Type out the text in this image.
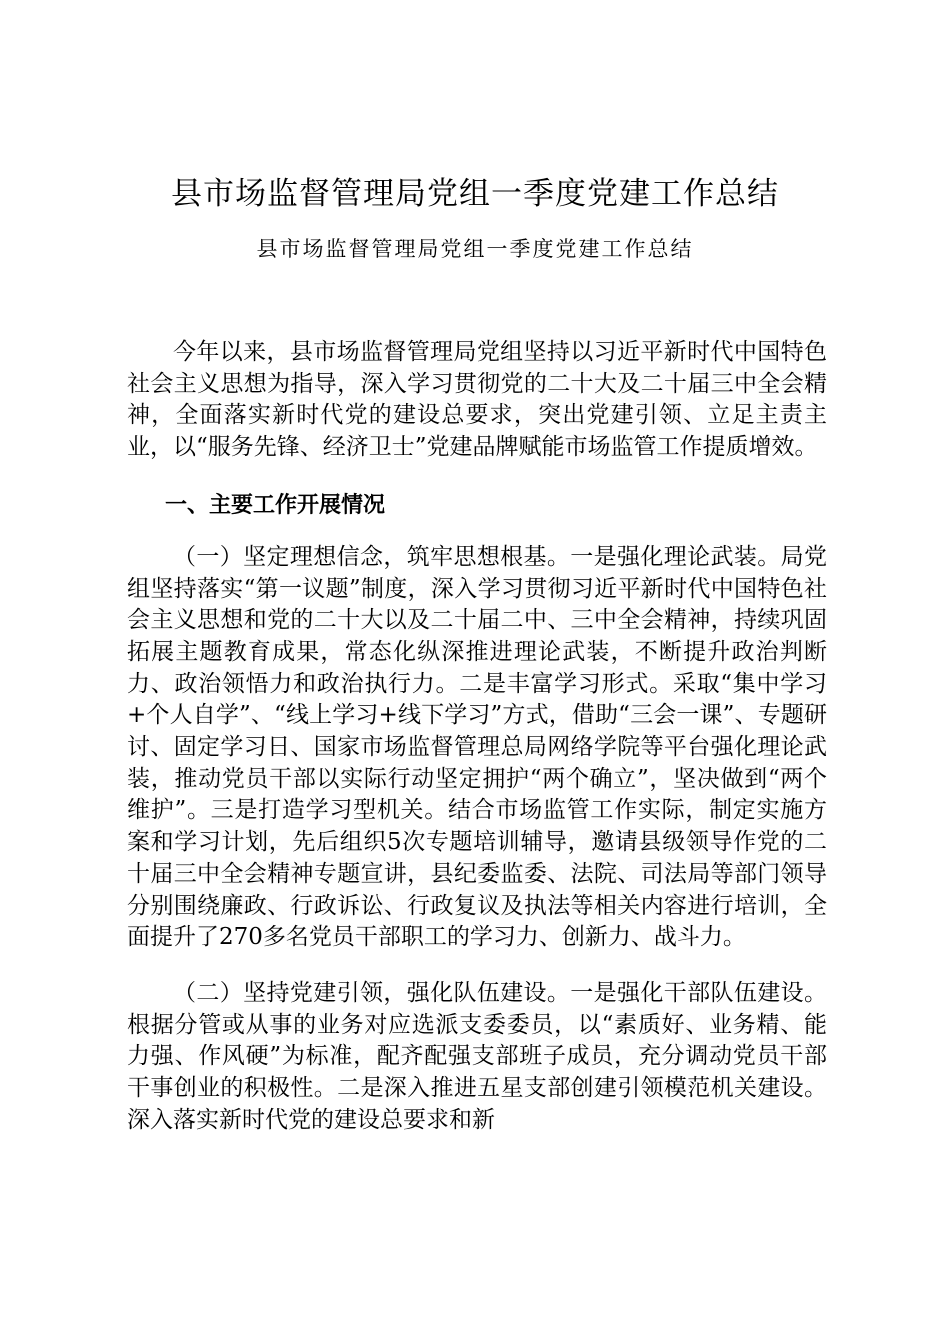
县市场监督管理局党组一季度党建工作总结
县市场监督管理局党组一季度党建工作总结

今年以来，县市场监督管理局党组坚持以习近平新时代中国特色社会主义思想为指导，深入学习贯彻党的二十大及二十届三中全会精神，全面落实新时代党的建设总要求，突出党建引领、立足主责主业，以“服务先锋、经济卫士”党建品牌赋能市场监管工作提质增效。

一、主要工作开展情况

（一）坚定理想信念，筑牢思想根基。一是强化理论武装。局党组坚持落实“第一议题”制度，深入学习贯彻习近平新时代中国特色社会主义思想和党的二十大以及二十届二中、三中全会精神，持续巩固拓展主题教育成果，常态化纵深推进理论武装，不断提升政治判断力、政治领悟力和政治执行力。二是丰富学习形式。采取“集中学习+个人自学”、“线上学习+线下学习”方式，借助“三会一课”、专题研讨、固定学习日、国家市场监督管理总局网络学院等平台强化理论武装，推动党员干部以实际行动坚定拥护“两个确立”，坚决做到“两个维护”。三是打造学习型机关。结合市场监管工作实际，制定实施方案和学习计划，先后组织5次专题培训辅导，邀请县级领导作党的二十届三中全会精神专题宣讲，县纪委监委、法院、司法局等部门领导分别围绕廉政、行政诉讼、行政复议及执法等相关内容进行培训，全面提升了270多名党员干部职工的学习力、创新力、战斗力。

（二）坚持党建引领，强化队伍建设。一是强化干部队伍建设。根据分管或从事的业务对应选派支委委员，以“素质好、业务精、能力强、作风硬”为标准，配齐配强支部班子成员，充分调动党员干部干事创业的积极性。二是深入推进五星支部创建引领模范机关建设。深入落实新时代党的建设总要求和新
